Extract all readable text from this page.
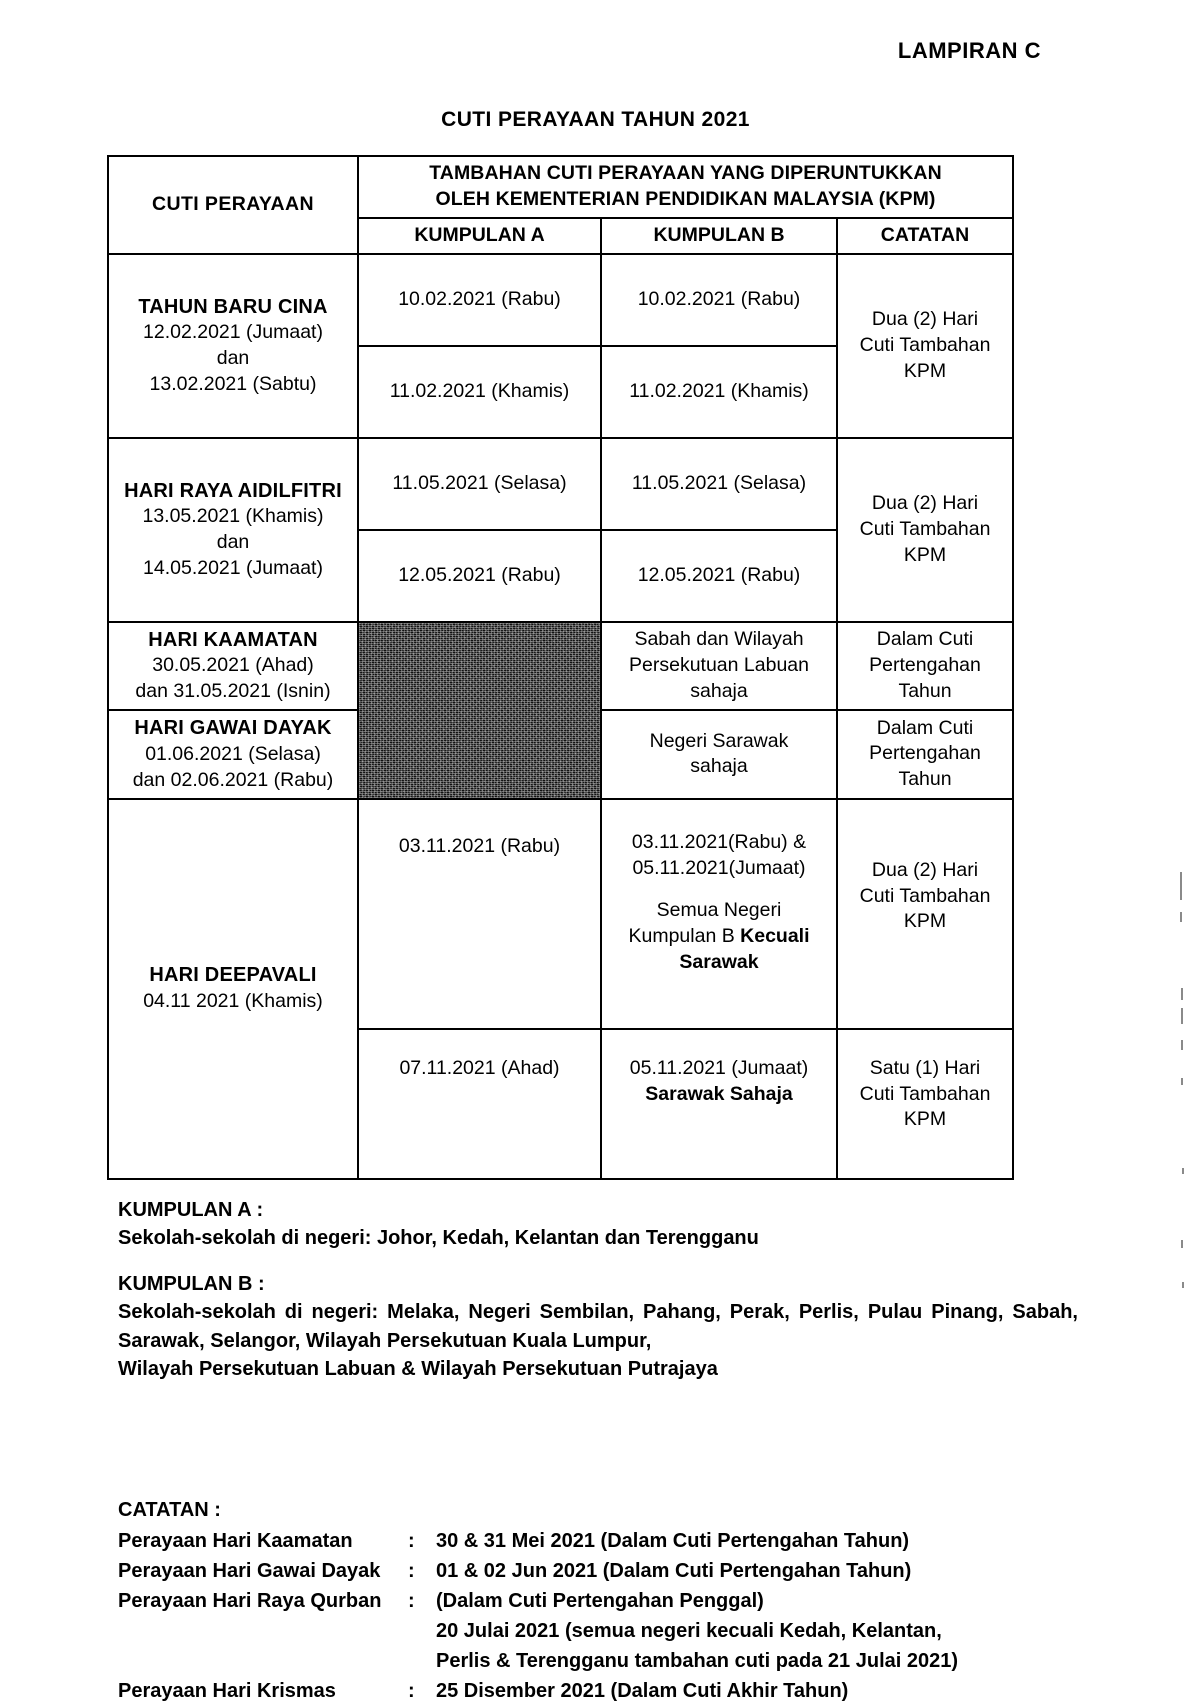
LAMPIRAN C
CUTI PERAYAAN TAHUN 2021
CUTI PERAYAAN	TAMBAHAN CUTI PERAYAAN YANG DIPERUNTUKKAN
OLEH KEMENTERIAN PENDIDIKAN MALAYSIA (KPM)		

	KUMPULAN A	KUMPULAN B	CATATAN

TAHUN BARU CINA
12.02.2021 (Jumaat)
dan
13.02.2021 (Sabtu)	10.02.2021 (Rabu)	10.02.2021 (Rabu)	Dua (2) Hari
Cuti Tambahan
KPM

	11.02.2021 (Khamis)	11.02.2021 (Khamis)	

HARI RAYA AIDILFITRI
13.05.2021 (Khamis)
dan
14.05.2021 (Jumaat)	11.05.2021 (Selasa)	11.05.2021 (Selasa)	Dua (2) Hari
Cuti Tambahan
KPM

	12.05.2021 (Rabu)	12.05.2021 (Rabu)	

HARI KAAMATAN
30.05.2021 (Ahad)
dan 31.05.2021 (Isnin)		Sabah dan Wilayah
Persekutuan Labuan
sahaja	Dalam Cuti
Pertengahan
Tahun

HARI GAWAI DAYAK
01.06.2021 (Selasa)
dan 02.06.2021 (Rabu)		Negeri Sarawak
sahaja	Dalam Cuti
Pertengahan
Tahun

HARI DEEPAVALI
04.11 2021 (Khamis)	03.11.2021 (Rabu)	03.11.2021(Rabu) &
05.11.2021(Jumaat)
Semua Negeri
Kumpulan B Kecuali
Sarawak	Dua (2) Hari
Cuti Tambahan
KPM

	07.11.2021 (Ahad)	05.11.2021 (Jumaat)
Sarawak Sahaja	Satu (1) Hari
Cuti Tambahan
KPM
KUMPULAN A :
Sekolah-sekolah di negeri: Johor, Kedah, Kelantan dan Terengganu
KUMPULAN B :
Sekolah-sekolah di negeri: Melaka, Negeri Sembilan, Pahang, Perak, Perlis, Pulau Pinang, Sabah, Sarawak, Selangor, Wilayah Persekutuan Kuala Lumpur,
Wilayah Persekutuan Labuan & Wilayah Persekutuan Putrajaya
CATATAN :
Perayaan Hari Kaamatan	:	30 & 31 Mei 2021 (Dalam Cuti Pertengahan Tahun)
Perayaan Hari Gawai Dayak	:	01 & 02 Jun 2021 (Dalam Cuti Pertengahan Tahun)
Perayaan Hari Raya Qurban	:	(Dalam Cuti Pertengahan Penggal)
		20 Julai 2021 (semua negeri kecuali Kedah, Kelantan,
		Perlis & Terengganu tambahan cuti pada 21 Julai 2021)
Perayaan Hari Krismas	:	25 Disember 2021 (Dalam Cuti Akhir Tahun)
